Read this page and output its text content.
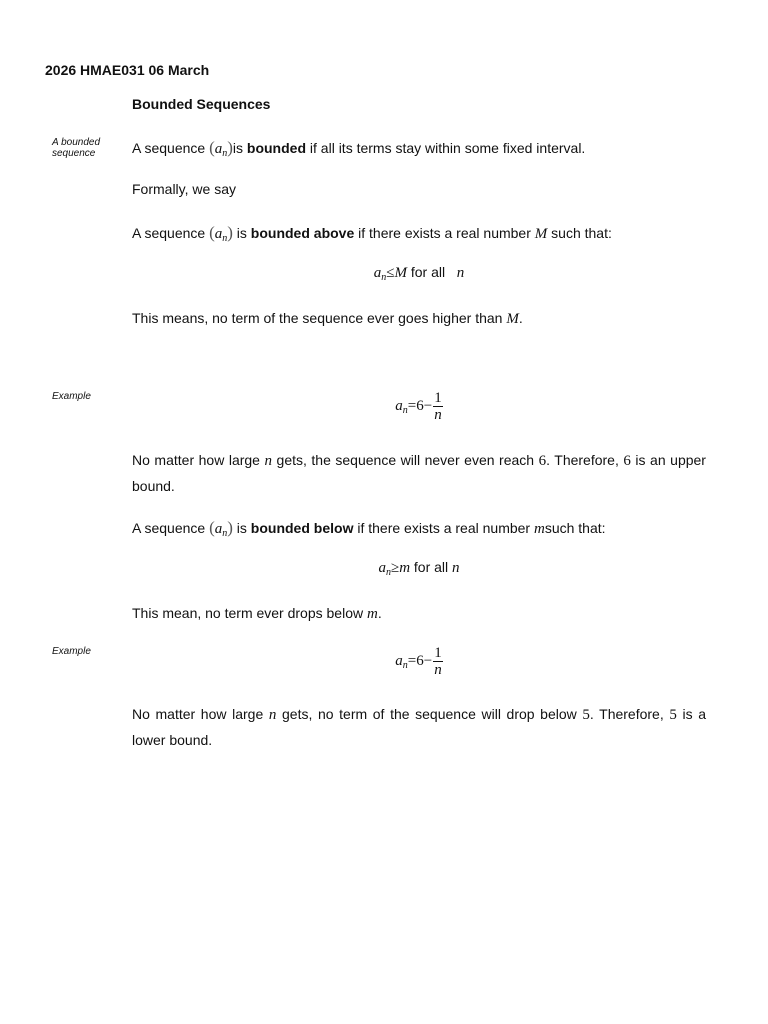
2026 HMAE031 06 March
Bounded Sequences
A bounded sequence
Example
Example
A sequence $(a_n)is$ bounded if all its terms stay within some fixed interval.
Formally, we say
A sequence $(a_n)$ is bounded above if there exists a real number M such that:
$a_n\le M$ for all   n
This means, no term of the sequence ever goes higher than M.
$a_n=6- \frac{1}{n}$
No matter how large n gets, the sequence will never even reach 6. Therefore, 6 is an upper bound.
A sequence $(a_n)$ is bounded below if there exists a real number msuch that:
$a_n\ge m$ for all n
This mean, no term ever drops below m.
$a_n=6- \frac{1}{n}$
No matter how large n gets, no term of the sequence will drop below 5. Therefore, 5 is a lower bound.
